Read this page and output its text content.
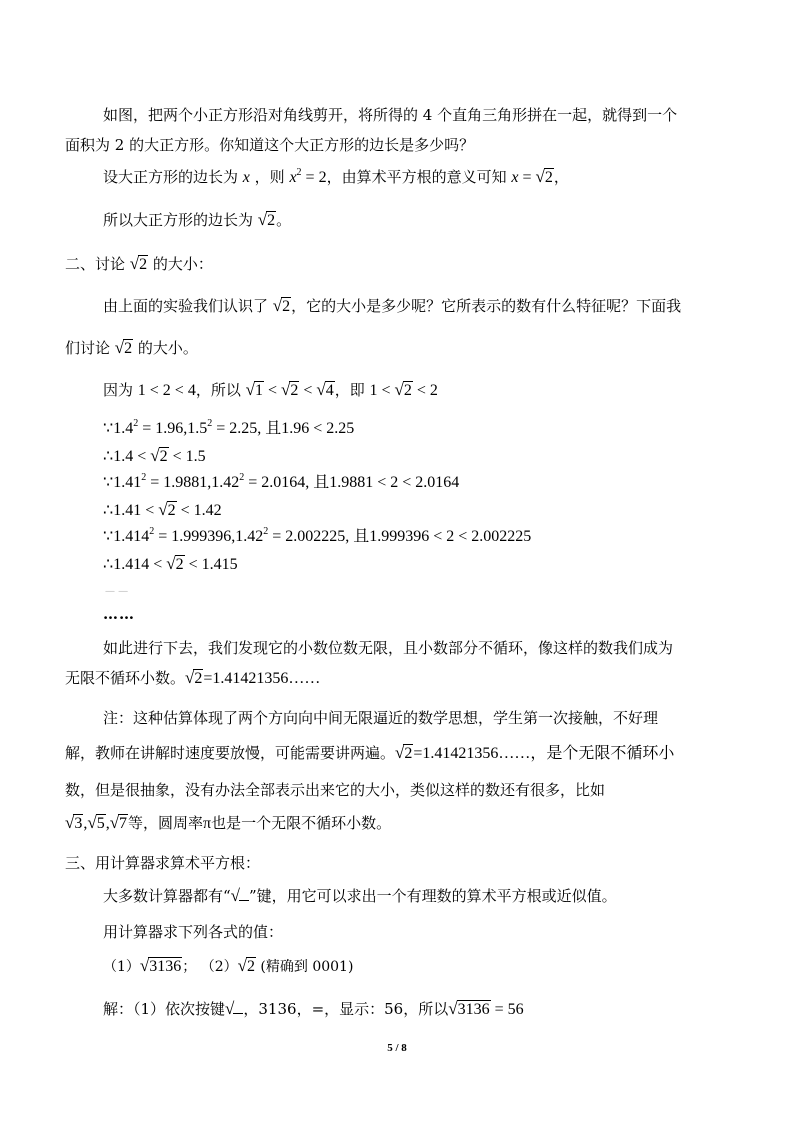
如图，把两个小正方形沿对角线剪开，将所得的 4 个直角三角形拼在一起，就得到一个
面积为 2 的大正方形。你知道这个大正方形的边长是多少吗？
设大正方形的边长为 x ，则 $x^2 = 2$，由算术平方根的意义可知 x = √2，
所以大正方形的边长为 √2。
二、讨论 √2 的大小：
由上面的实验我们认识了 √2，它的大小是多少呢？它所表示的数有什么特征呢？下面我
们讨论 √2 的大小。
因为 1 < 2 < 4，所以 √1 < √2 < √4，即 1 < √2 < 2
$\because 1.4^2 = 1.96,1.5^2 = 2.25$, 且1.96 < 2.25
∴1.4 < √2 < 1.5
$\because 1.41^2 = 1.9881,1.42^2 = 2.0164$, 且1.9881 < 2 < 2.0164
∴1.41 < √2 < 1.42
$\because 1.414^2 = 1.999396,1.42^2 = 2.002225$, 且1.999396 < 2 < 2.002225
∴1.414 < √2 < 1.415
— —
……
如此进行下去，我们发现它的小数位数无限，且小数部分不循环，像这样的数我们成为
无限不循环小数。√2=1.41421356……
注：这种估算体现了两个方向向中间无限逼近的数学思想，学生第一次接触，不好理
解，教师在讲解时速度要放慢，可能需要讲两遍。√2=1.41421356……，是个无限不循环小
数，但是很抽象，没有办法全部表示出来它的大小，类似这样的数还有很多，比如
√3,√5,√7等，圆周率π也是一个无限不循环小数。
三、用计算器求算术平方根：
大多数计算器都有“√ ”键，用它可以求出一个有理数的算术平方根或近似值。
用计算器求下列各式的值：
（1）√3136； （2）√2 (精确到 0001)
解：（1）依次按键√ ，3136，=，显示：56，所以√3136 = 56
5 / 8
